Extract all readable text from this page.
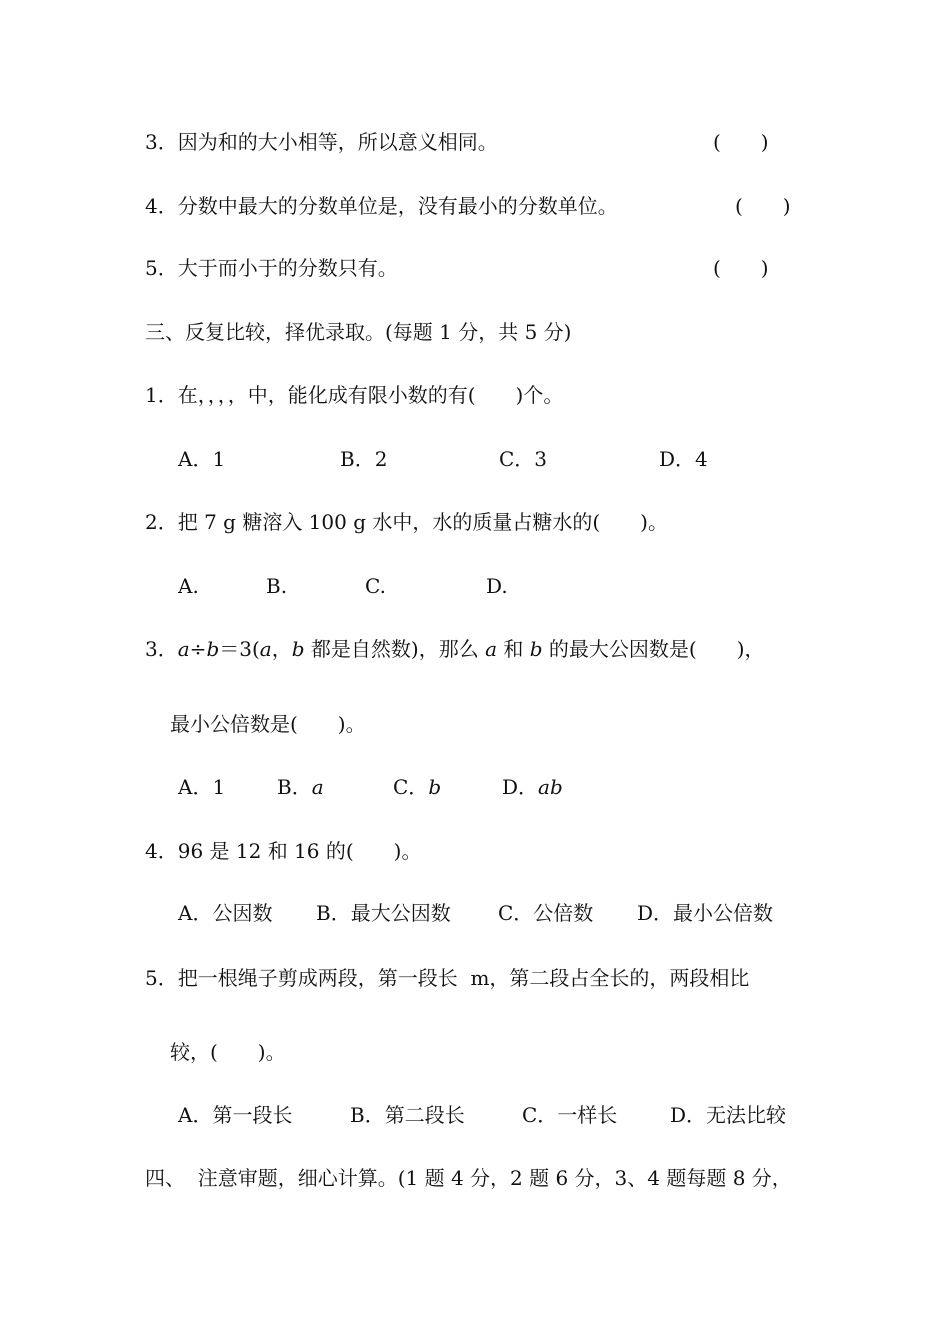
3．因为和的大小相等，所以意义相同。	(　　)
4．分数中最大的分数单位是，没有最小的分数单位。	(　　)
5．大于而小于的分数只有。	(　　)
三、反复比较，择优录取。(每题 1 分，共 5 分)
1．在，，，，中，能化成有限小数的有(　　)个。
A．1	B．2	C．3	D．4
2．把 7 g 糖溶入 100 g 水中，水的质量占糖水的(　　)。
A.	B.	C.	D.
3．a÷b＝3(a，b 都是自然数)，那么 a 和 b 的最大公因数是(　　)，
最小公倍数是(　　)。
A．1	B．a	C．b	D．ab
4．96 是 12 和 16 的(　　)。
A．公因数 B．最大公因数 C．公倍数 D．最小公倍数
5．把一根绳子剪成两段，第一段长  m，第二段占全长的，两段相比
较，(　　)。
A．第一段长	B．第二段长	C．一样长	D．无法比较
四、  注意审题，细心计算。(1 题 4 分，2 题 6 分，3、4 题每题 8 分，
